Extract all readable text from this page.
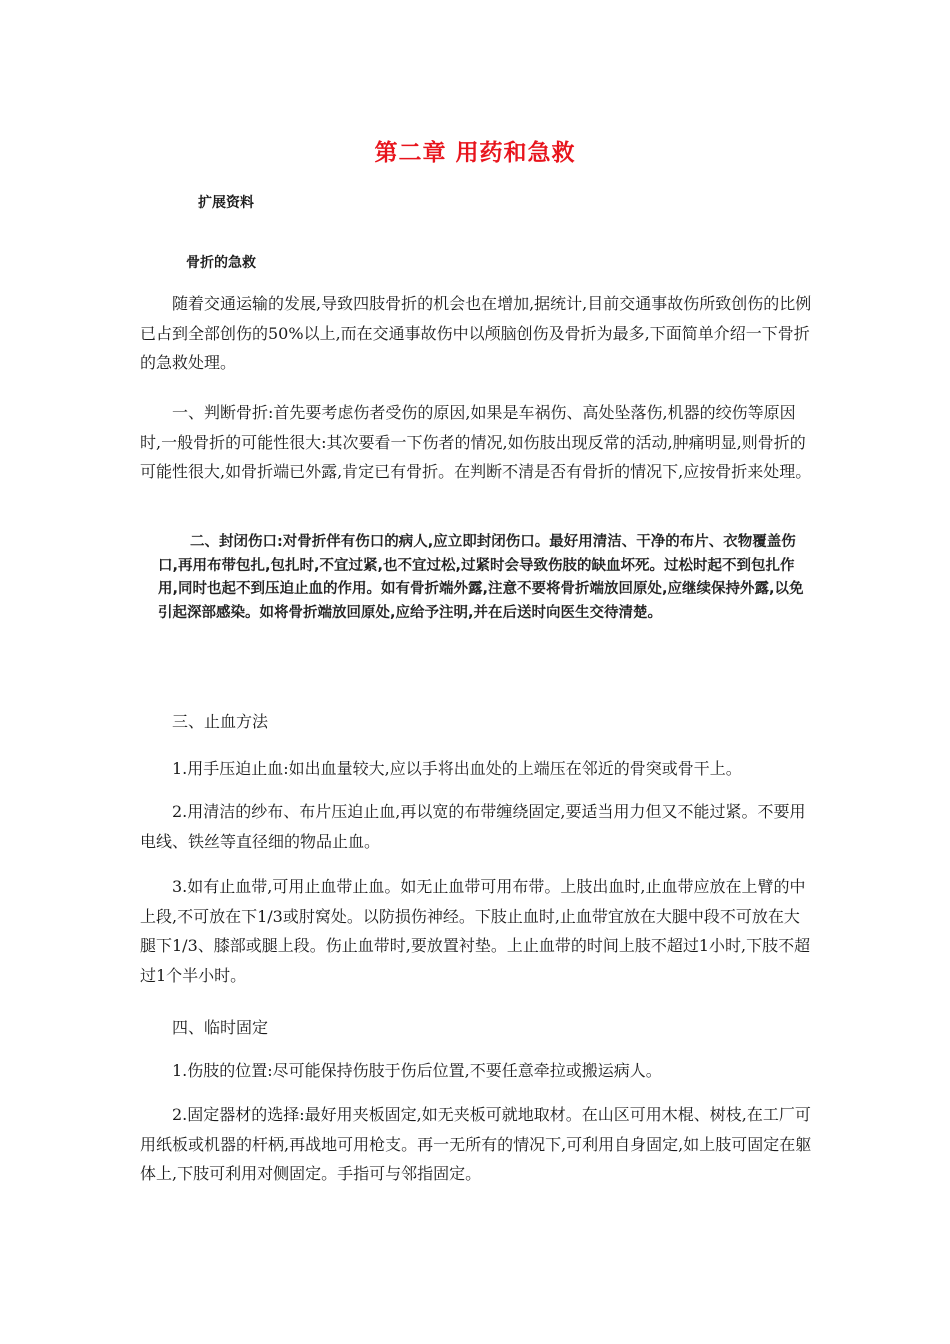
第二章 用药和急救
扩展资料
骨折的急救

随着交通运输的发展,导致四肢骨折的机会也在增加,据统计,目前交通事故伤所致创伤的比例已占到全部创伤的50%以上,而在交通事故伤中以颅脑创伤及骨折为最多,下面简单介绍一下骨折的急救处理。

一、判断骨折:首先要考虑伤者受伤的原因,如果是车祸伤、高处坠落伤,机器的绞伤等原因时,一般骨折的可能性很大:其次要看一下伤者的情况,如伤肢出现反常的活动,肿痛明显,则骨折的可能性很大,如骨折端已外露,肯定已有骨折。在判断不清是否有骨折的情况下,应按骨折来处理。

二、封闭伤口:对骨折伴有伤口的病人,应立即封闭伤口。最好用清洁、干净的布片、衣物覆盖伤口,再用布带包扎,包扎时,不宜过紧,也不宜过松,过紧时会导致伤肢的缺血坏死。过松时起不到包扎作用,同时也起不到压迫止血的作用。如有骨折端外露,注意不要将骨折端放回原处,应继续保持外露,以免引起深部感染。如将骨折端放回原处,应给予注明,并在后送时向医生交待清楚。

三、止血方法

1.用手压迫止血:如出血量较大,应以手将出血处的上端压在邻近的骨突或骨干上。

2.用清洁的纱布、布片压迫止血,再以宽的布带缠绕固定,要适当用力但又不能过紧。不要用电线、铁丝等直径细的物品止血。

3.如有止血带,可用止血带止血。如无止血带可用布带。上肢出血时,止血带应放在上臂的中上段,不可放在下1/3或肘窝处。以防损伤神经。下肢止血时,止血带宜放在大腿中段不可放在大腿下1/3、膝部或腿上段。伤止血带时,要放置衬垫。上止血带的时间上肢不超过1小时,下肢不超过1个半小时。

四、临时固定

1.伤肢的位置:尽可能保持伤肢于伤后位置,不要任意牵拉或搬运病人。

2.固定器材的选择:最好用夹板固定,如无夹板可就地取材。在山区可用木棍、树枝,在工厂可用纸板或机器的杆柄,再战地可用枪支。再一无所有的情况下,可利用自身固定,如上肢可固定在躯体上,下肢可利用对侧固定。手指可与邻指固定。
